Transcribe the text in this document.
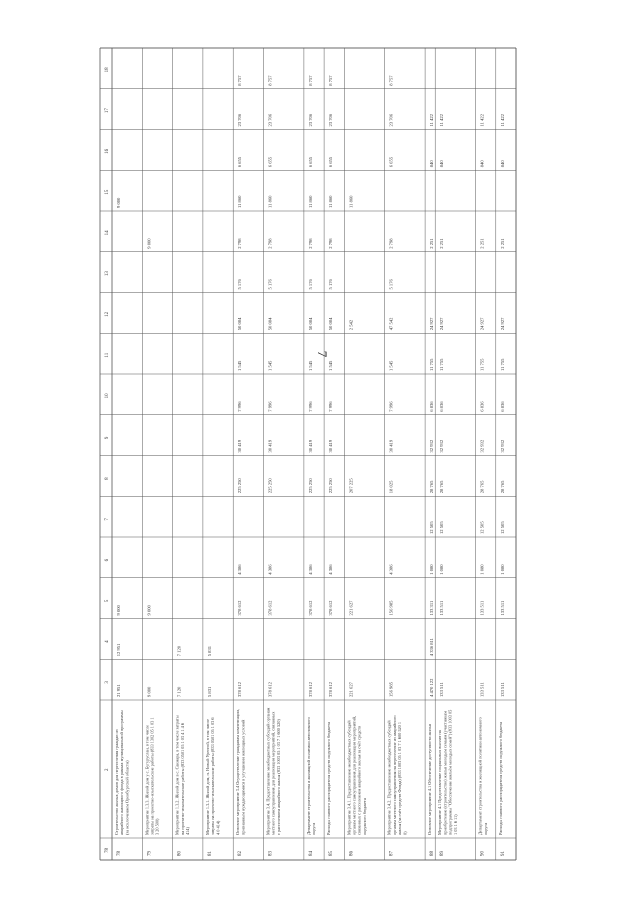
78
2
3
4
5
6
7
8
9
10
11
12
13
14
15
16
17
18
78
Строительство жилых домов для переселения граждан из аварийного жилищного фонда в рамках муниципальной программы (за исключением Оренбургской области)
21 951
12 951
9 000
9 000
79
Мероприятие 1.3.3. Жилой дом у с. Бугуруслан, в том числе затраты на проектно-изыскательские работы (833 1302 05 1 03 1 3 20 500)
9 000
9 000
9 000
80
Мероприятие 1.3.2. Жилой дом в с. Сакмара, в том числе затраты на проектно-изыскательские работы (833 0501 05 1 03 4 1 4 6 414)
7 120
7 120
81
Мероприятие 1.3.1. Жилой дом, п. Новый Уренгой, в том числе затраты на проектно-изыскательские работы (833 0501 05 1 03 6 4 0 414)
5 831
5 831
82
Основное мероприятие 3.4 Осуществление гражданам компенсации, признанным нуждающимися в улучшении жилищных условий
378 612
378 612
4 386
225 250
30 419
7 996
1 545
50 084
5 176
2 798
11 860
6 655
23 706
8 757
83
Мероприятие 3.4. Предоставление межбюджетных субсидий органам местного самоуправления для реализации мероприятий, связанных с расселением аварийного жилья (833 1003 05 1 03 7 1 600 520)
378 612
378 612
4 386
225 250
30 419
7 996
1 545
50 084
5 176
2 798
11 860
6 655
23 706
8 757
84
Департамент строительства и жилищной политики автономного округа
378 612
378 612
4 386
225 250
30 419
7 996
1 545
50 084
5 176
2 798
11 860
6 655
23 706
8 757
85
Расходы главного распорядителя средств окружного бюджета
378 612
378 612
4 386
225 250
30 419
7 996
1 545
50 084
5 176
2 798
11 860
6 655
23 706
8 757
86
Мероприятие 3.4.1. Предоставление межбюджетных субсидий органам местного самоуправления для реализации мероприятий, связанных с расселением аварийного жилья за счёт средств окружного бюджета
221 627
221 627
207 225
2 542
11 860
87
Мероприятие 3.4.2. Предоставление межбюджетных субсидий органам местного самоуправления на переселение из аварийного жилья (за счёт средств Фонда) (833 1003 05 1 03 7 1 600 520 1 0)
156 985
156 985
4 386
18 025
30 419
7 996
1 545
47 542
5 176
2 798
6 655
23 706
8 757
88
Основное мероприятие 4.1 Обеспечение доступности жилья
4 470 122
4 336 811
133 311
1 080
12 505
28 765
32 932
6 836
11 755
24 927
2 251
840
11 422
89
Мероприятие 4.1 Предоставление социальных выплат на приобретение (строительство) жилья молодым семьям (участникам подпрограммы "Обеспечение жильём молодых семей") (833 1003 05 1 03 1 6 11)
133 511
133 511
1 080
12 505
28 765
32 932
6 836
11 755
24 927
2 251
840
11 422
90
Департамент строительства и жилищной политики автономного округа
133 511
133 511
1 080
12 505
28 765
32 932
6 836
11 755
24 927
2 251
840
11 422
91
Расходы главного распорядителя средств окружного бюджета
133 511
133 511
1 080
12 505
28 765
32 932
6 836
11 755
24 927
2 251
840
11 422
7
